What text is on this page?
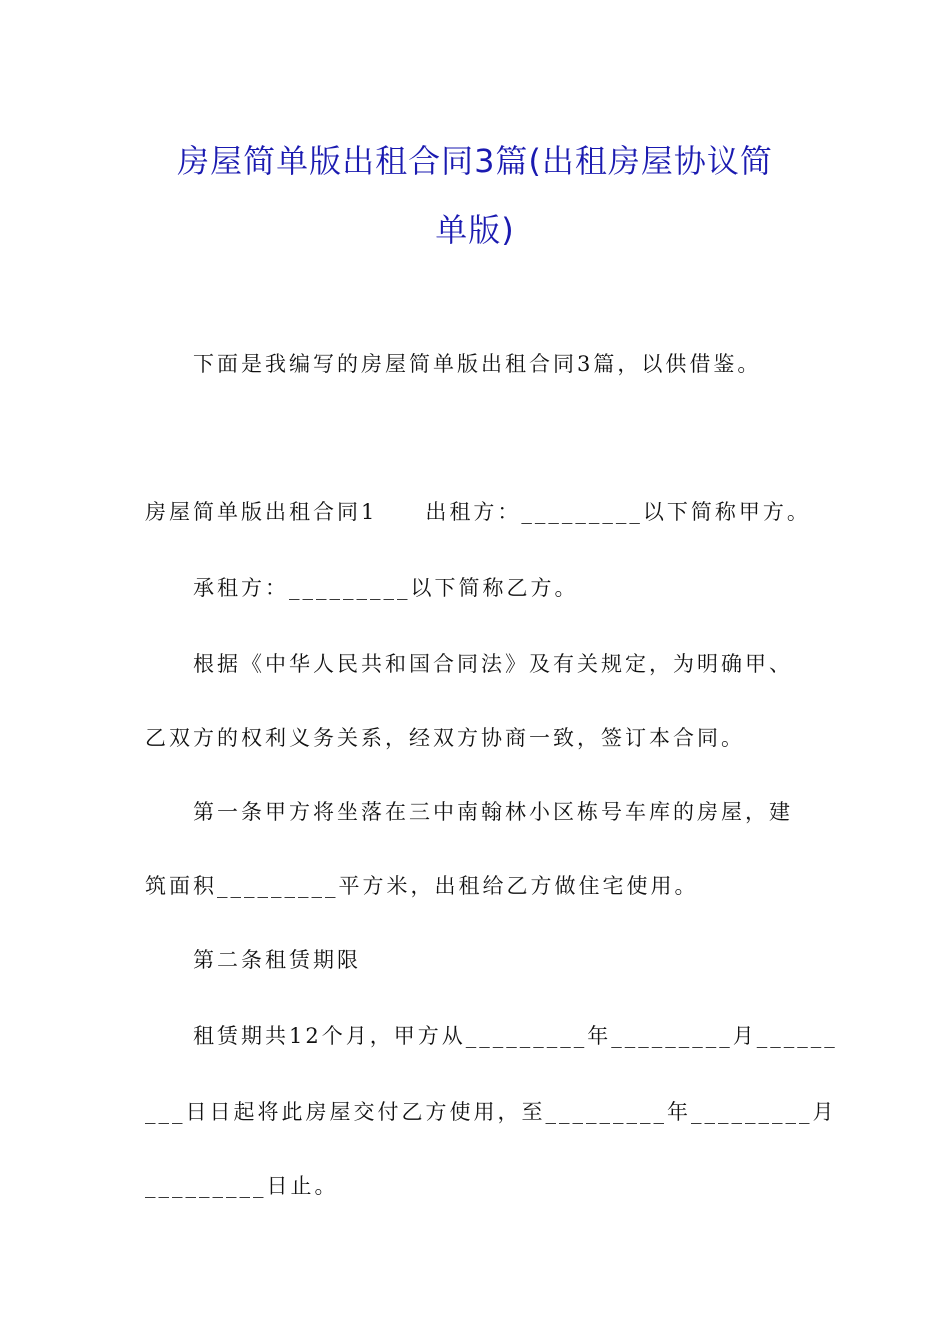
房屋简单版出租合同3篇(出租房屋协议简
单版)
下面是我编写的房屋简单版出租合同3篇，以供借鉴。
房屋简单版出租合同1　　出租方：_________以下简称甲方。
承租方：_________以下简称乙方。
根据《中华人民共和国合同法》及有关规定，为明确甲、
乙双方的权利义务关系，经双方协商一致，签订本合同。
第一条甲方将坐落在三中南翰林小区栋号车库的房屋，建
筑面积_________平方米，出租给乙方做住宅使用。
第二条租赁期限
租赁期共12个月，甲方从_________年_________月______
___日日起将此房屋交付乙方使用，至_________年_________月
_________日止。
